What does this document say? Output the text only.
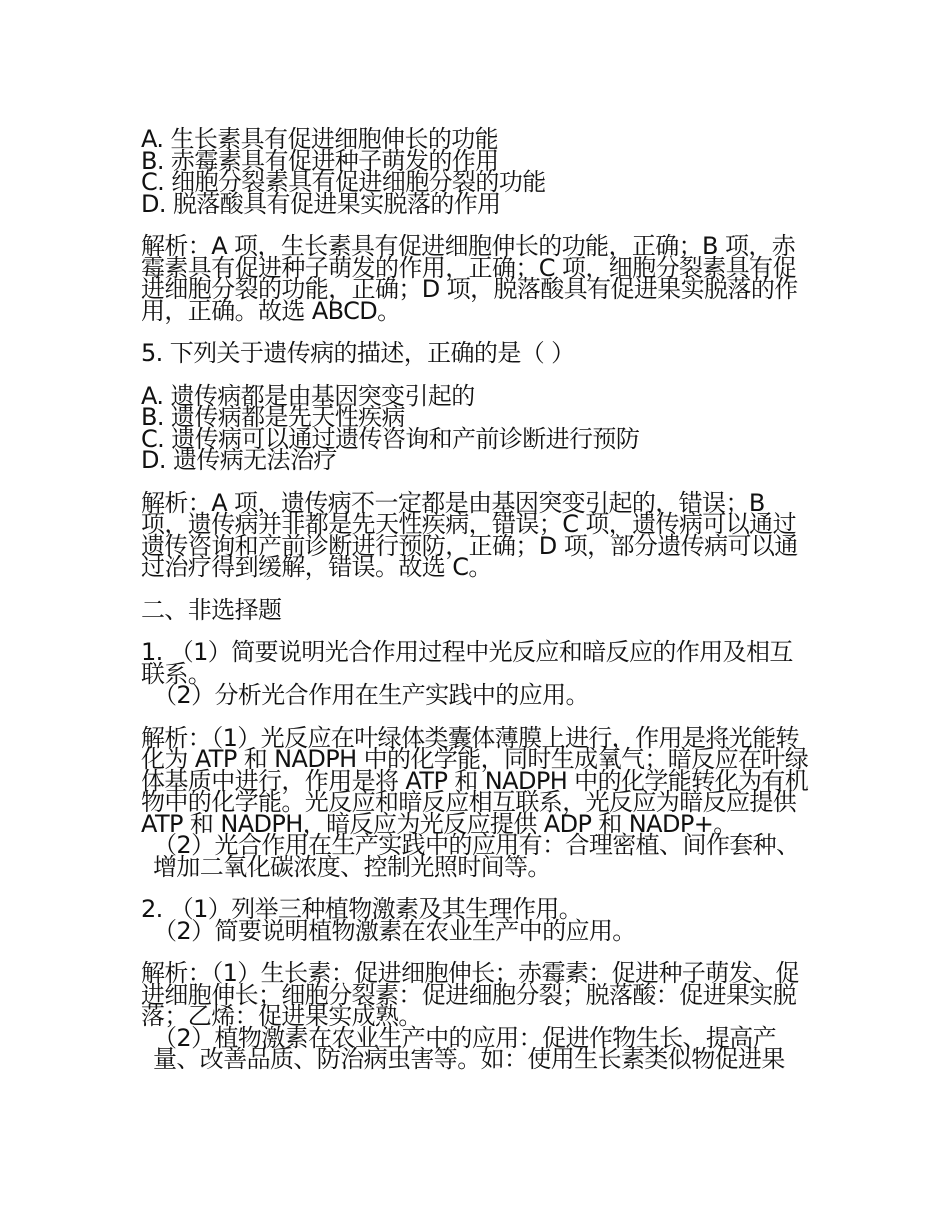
A. 生长素具有促进细胞伸长的功能

B. 赤霉素具有促进种子萌发的作用

C. 细胞分裂素具有促进细胞分裂的功能

D. 脱落酸具有促进果实脱落的作用

解析：A 项，生长素具有促进细胞伸长的功能，正确；B 项，赤霉素具有促进种子萌发的作用，正确；C 项，细胞分裂素具有促进细胞分裂的功能，正确；D 项，脱落酸具有促进果实脱落的作用，正确。故选 ABCD。

5. 下列关于遗传病的描述，正确的是（ ）

A. 遗传病都是由基因突变引起的

B. 遗传病都是先天性疾病

C. 遗传病可以通过遗传咨询和产前诊断进行预防

D. 遗传病无法治疗

解析：A 项，遗传病不一定都是由基因突变引起的，错误；B 项，遗传病并非都是先天性疾病，错误；C 项，遗传病可以通过遗传咨询和产前诊断进行预防，正确；D 项，部分遗传病可以通过治疗得到缓解，错误。故选 C。

二、非选择题

1. （1）简要说明光合作用过程中光反应和暗反应的作用及相互联系。

（2）分析光合作用在生产实践中的应用。

解析：（1）光反应在叶绿体类囊体薄膜上进行，作用是将光能转化为 ATP 和 NADPH 中的化学能，同时生成氧气；暗反应在叶绿体基质中进行，作用是将 ATP 和 NADPH 中的化学能转化为有机物中的化学能。光反应和暗反应相互联系，光反应为暗反应提供 ATP 和 NADPH，暗反应为光反应提供 ADP 和 NADP+。

（2）光合作用在生产实践中的应用有：合理密植、间作套种、增加二氧化碳浓度、控制光照时间等。

2. （1）列举三种植物激素及其生理作用。

（2）简要说明植物激素在农业生产中的应用。

解析：（1）生长素：促进细胞伸长；赤霉素：促进种子萌发、促进细胞伸长；细胞分裂素：促进细胞分裂；脱落酸：促进果实脱落；乙烯：促进果实成熟。

（2）植物激素在农业生产中的应用：促进作物生长、提高产量、改善品质、防治病虫害等。如：使用生长素类似物促进果
